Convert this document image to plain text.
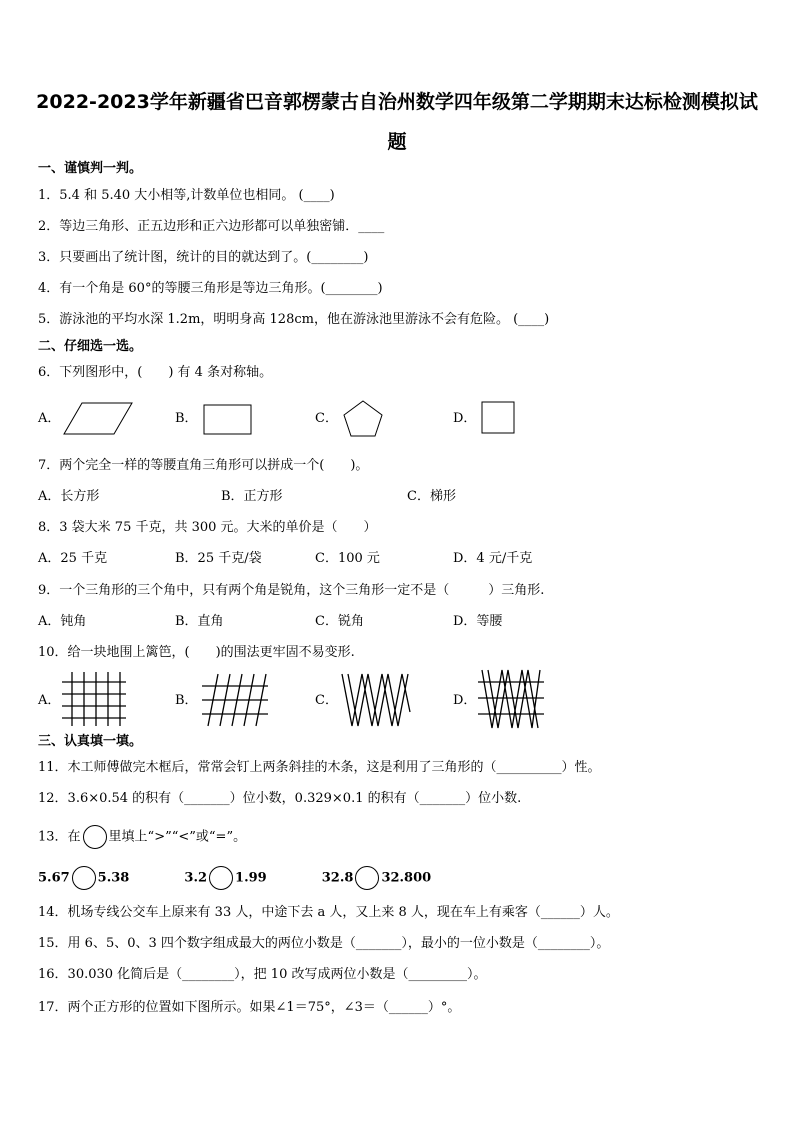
2022-2023学年新疆省巴音郭楞蒙古自治州数学四年级第二学期期末达标检测模拟试
题
一、谨慎判一判。
1．5.4 和 5.40 大小相等,计数单位也相同。 (____)
2．等边三角形、正五边形和正六边形都可以单独密铺．____
3．只要画出了统计图，统计的目的就达到了。(________)
4．有一个角是 60°的等腰三角形是等边三角形。(________)
5．游泳池的平均水深 1.2m，明明身高 128cm，他在游泳池里游泳不会有危险。 (____)
二、仔细选一选。
6．下列图形中，(　　) 有 4 条对称轴。
A．	B．	C．	D．
7．两个完全一样的等腰直角三角形可以拼成一个(　　)。
A．长方形	B．正方形	C．梯形
8．3 袋大米 75 千克，共 300 元。大米的单价是（　　）
A．25 千克	B．25 千克/袋	C．100 元	D．4 元/千克
9．一个三角形的三个角中，只有两个角是锐角，这个三角形一定不是（　　　）三角形.
A．钝角	B．直角	C．锐角	D．等腰
10．给一块地围上篱笆，(　　)的围法更牢固不易变形.
A．	B．	C．	D．
三、认真填一填。
11．木工师傅做完木框后，常常会钉上两条斜挂的木条，这是利用了三角形的（__________）性。
12．3.6×0.54 的积有（_______）位小数，0.329×0.1 的积有（_______）位小数.
13．在 里填上“>”“<”或“=”。
5.67 5.38	3.2 1.99	32.8 32.800
14．机场专线公交车上原来有 33 人，中途下去 a 人，又上来 8 人，现在车上有乘客（______）人。
15．用 6、5、0、3 四个数字组成最大的两位小数是（_______），最小的一位小数是（________）。
16．30.030 化简后是（________），把 10 改写成两位小数是（_________）。
17．两个正方形的位置如下图所示。如果∠1＝75°，∠3＝（______）°。
